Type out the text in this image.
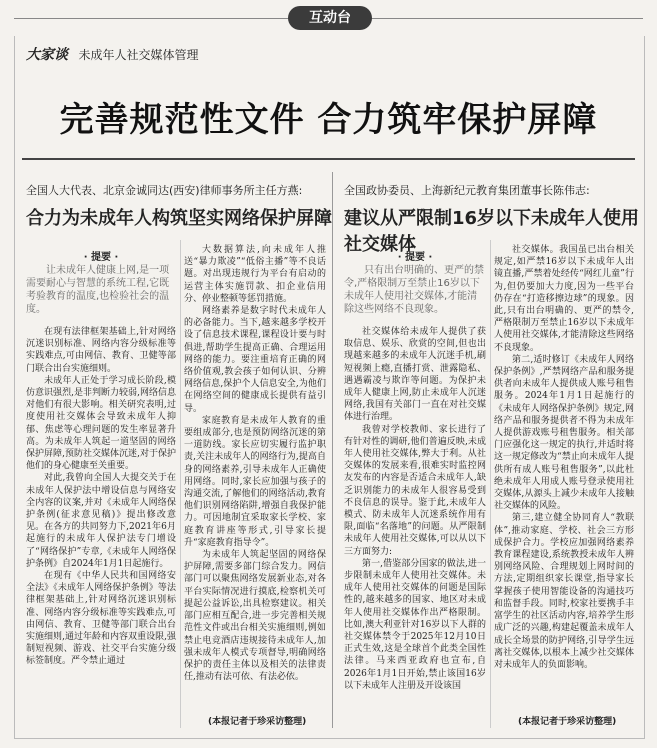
互动台
大家谈 未成年人社交媒体管理
完善规范性文件 合力筑牢保护屏障
全国人大代表、北京金诚同达(西安)律师事务所主任方燕:
合力为未成年人构筑坚实网络保护屏障
· 提要 ·
让未成年人健康上网,是一项需要耐心与智慧的系统工程,它既考验教育的温度,也检验社会的温度。

在现有法律框架基础上,针对网络沉迷识别标准、网络内容分级标准等实践难点,可由网信、教育、卫健等部门联合出台实施细则。

未成年人正处于学习成长阶段,模仿意识强烈,是非判断力较弱,网络信息对他们有很大影响。相关研究表明,过度使用社交媒体会导致未成年人抑郁、焦虑等心理问题的发生率显著升高。为未成年人筑起一道坚固的网络保护屏障,预防社交媒体沉迷,对于保护他们的身心健康至关重要。

对此,我曾向全国人大提交关于在未成年人保护法中增设信息与网络安全内容的议案,并对《未成年人网络保护条例(征求意见稿)》提出修改意见。在各方的共同努力下,2021年6月起施行的未成年人保护法专门增设了“网络保护”专章,《未成年人网络保护条例》自2024年1月1日起施行。

在现有《中华人民共和国网络安全法》《未成年人网络保护条例》等法律框架基础上,针对网络沉迷识别标准、网络内容分级标准等实践难点,可由网信、教育、卫健等部门联合出台实施细则,通过年龄和内容双重设限,强制短视频、游戏、社交平台实施分级标签制度。严令禁止通过

大数据算法,向未成年人推送“暴力欺凌”“低俗主播”等不良话题。对出现违规行为平台有启动的运营主体实施罚款、扣企业信用分、停业整顿等惩罚措施。

网络素养是数字时代未成年人的必备能力。当下,越来越多学校开设了信息技术课程,课程设计要与时俱进,帮助学生提高正确、合理运用网络的能力。要注重培育正确的网络价值观,教会孩子如何认识、分辨网络信息,保护个人信息安全,为他们在网络空间的健康成长提供有益引导。

家庭教育是未成年人教育的重要组成部分,也是预防网络沉迷的第一道防线。家长应切实履行监护职责,关注未成年人的网络行为,提高自身的网络素养,引导未成年人正确使用网络。同时,家长应加强与孩子的沟通交流,了解他们的网络活动,教育他们识别网络陷阱,增强自我保护能力。可因地制宜采取家长学校、家庭教育讲座等形式,引导家长提升“家庭教育指导令”。

为未成年人筑起坚固的网络保护屏障,需要多部门综合发力。网信部门可以聚焦网络发展新业态,对各平台实际情况进行摸底,检察机关可提起公益诉讼,出具检察建议。相关部门应相互配合,进一步完善相关规范性文件或出台相关实施细则,例如禁止电竞酒店违规接待未成年人,加强未成年人模式专项督导,明确网络保护的责任主体以及相关的法律责任,推动有法可依、有法必依。

(本报记者于珍采访整理)
全国政协委员、上海新纪元教育集团董事长陈伟志:
建议从严限制16岁以下未成年人使用社交媒体
· 提要 ·
只有出台明确的、更严的禁令,严格限制万至禁止16岁以下未成年人使用社交媒体,才能清除这些网络不良现象。

社交媒体给未成年人提供了获取信息、娱乐、欣赏的空间,但也出现越来越多的未成年人沉迷手机,刷短视频上瘾,直播打赏、泄露隐私、遇遇霸凌与欺诈等问题。为保护未成年人健康上网,防止未成年人沉迷网络,我国有关部门一直在对社交媒体进行治理。

我曾对学校教师、家长进行了有针对性的调研,他们普遍反映,未成年人使用社交媒体,弊大于利。从社交媒体的发展来看,很难实时监控网友发布的内容是否适合未成年人,缺乏识别能力的未成年人很容易受到不良信息的误导。鉴于此,未成年人模式、防未成年人沉迷系统作用有限,面临“名落地”的问题。从严限制未成年人使用社交媒体,可以从以下三方面努力:

第一,借鉴部分国家的做法,进一步限制未成年人使用社交媒体。未成年人使用社交媒体的问题是国际性的,越来越多的国家、地区对未成年人使用社交媒体作出严格限制。比如,澳大利亚针对16岁以下人群的社交媒体禁令于2025年12月10日正式生效,这是全球首个此类全国性法律。马来西亚政府也宣布,自2026年1月1日开始,禁止该国16岁以下未成年人注册及开设该国

社交媒体。我国虽已出台相关规定,如严禁16岁以下未成年人出镜直播,严禁着处经传“网红儿童”行为,但仍要加大力度,因为一些平台仍存在“打造移擦边球”的现象。因此,只有出台明确的、更严的禁令,严格限制万至禁止16岁以下未成年人使用社交媒体,才能清除这些网络不良现象。

第二,适时修订《未成年人网络保护条例》,严禁网络产品和服务提供者向未成年人提供成人账号租售服务。2024年1月1日起施行的《未成年人网络保护条例》规定,网络产品和服务提供者不得为未成年人提供游戏账号租售服务。相关部门应强化这一规定的执行,并适时将这一规定修改为“禁止向未成年人提供所有成人账号租售服务”,以此杜绝未成年人用成人账号登录使用社交媒体,从源头上减少未成年人接触社交媒体的风险。

第三,建立健全协同育人“教联体”,推动家庭、学校、社会三方形成保护合力。学校应加强网络素养教育课程建设,系统教授未成年人辨别网络风险、合理规划上网时间的方法,定期组织家长课堂,指导家长掌握孩子使用智能设备的沟通技巧和监督手段。同时,校家社要携手丰富学生的社区活动内容,培养学生形成广泛的兴趣,构建起覆盖未成年人成长全场景的防护网络,引导学生远离社交媒体,以根本上减少社交媒体对未成年人的负面影响。

(本报记者于珍采访整理)
